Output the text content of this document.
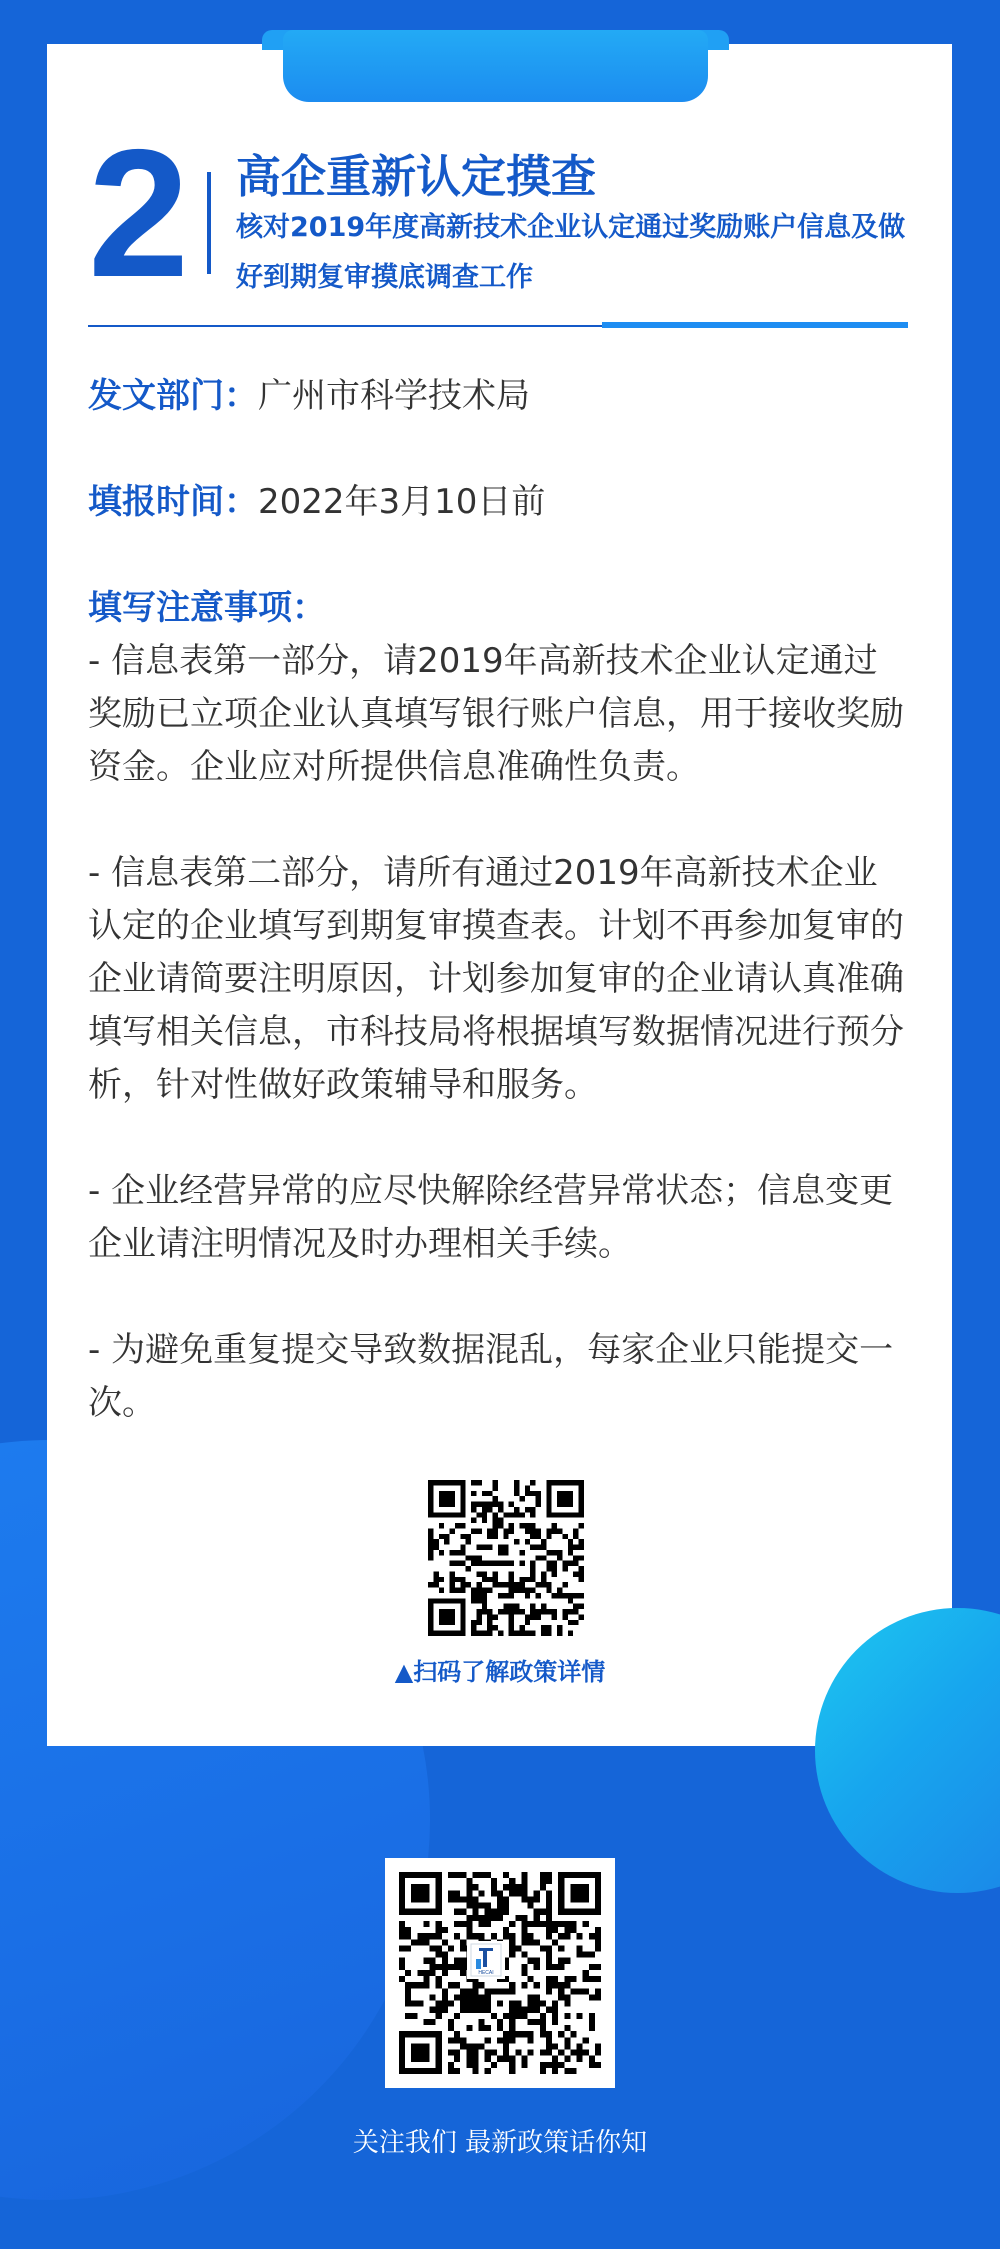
2 高企重新认定摸查
核对2019年度高新技术企业认定通过奖励账户信息及做好到期复审摸底调查工作
发文部门：广州市科学技术局
填报时间：2022年3月10日前
填写注意事项：

- 信息表第一部分，请2019年高新技术企业认定通过奖励已立项企业认真填写银行账户信息，用于接收奖励资金。企业应对所提供信息准确性负责。

- 信息表第二部分，请所有通过2019年高新技术企业认定的企业填写到期复审摸查表。计划不再参加复审的企业请简要注明原因，计划参加复审的企业请认真准确填写相关信息，市科技局将根据填写数据情况进行预分析，针对性做好政策辅导和服务。

- 企业经营异常的应尽快解除经营异常状态；信息变更企业请注明情况及时办理相关手续。

- 为避免重复提交导致数据混乱，每家企业只能提交一次。

▲扫码了解政策详情
HECAI
关注我们 最新政策话你知
